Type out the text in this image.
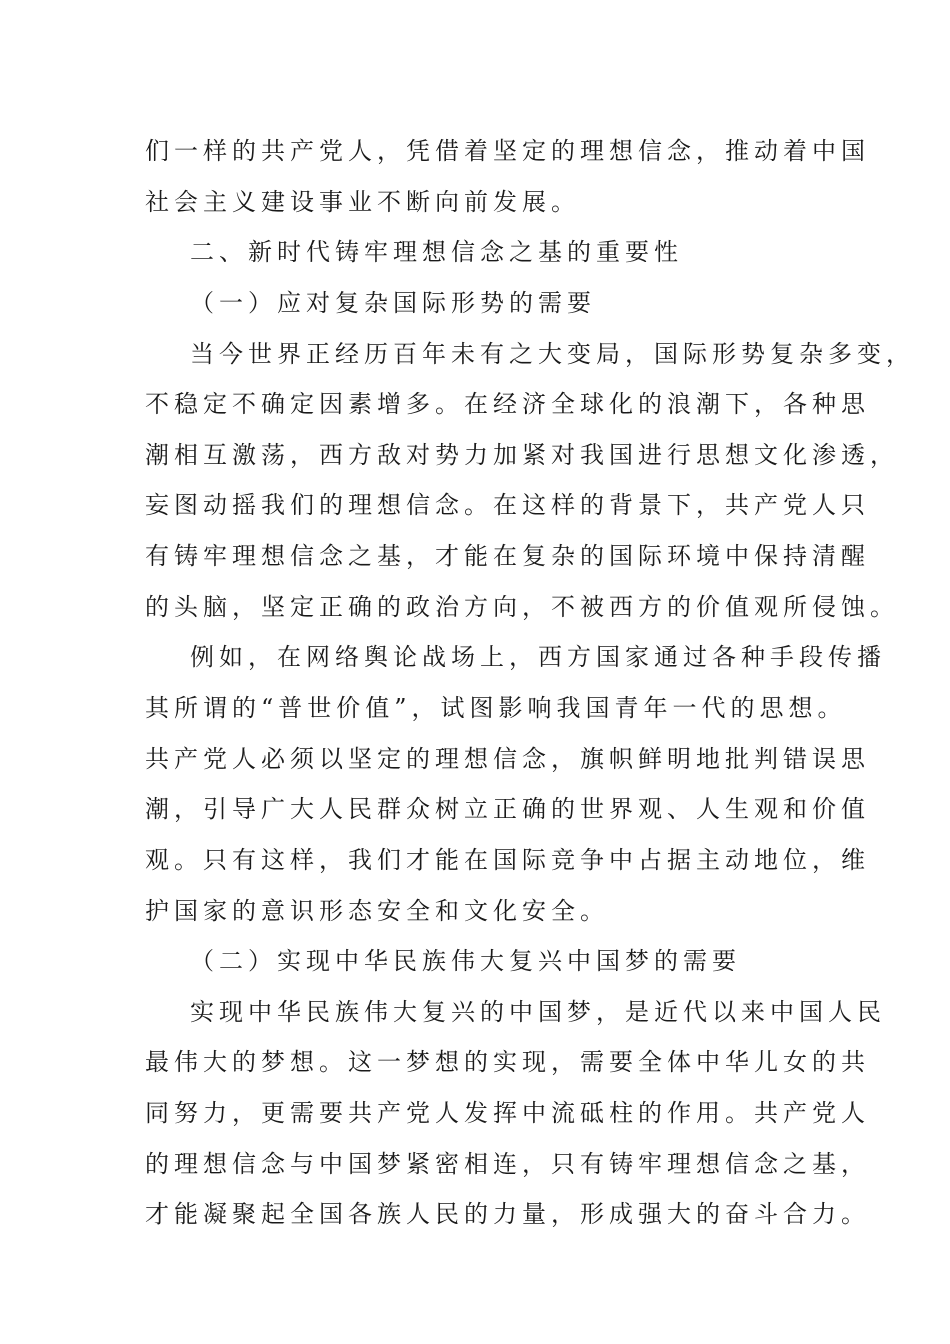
们一样的共产党人，凭借着坚定的理想信念，推动着中国
社会主义建设事业不断向前发展。
二、新时代铸牢理想信念之基的重要性
（一）应对复杂国际形势的需要
当今世界正经历百年未有之大变局，国际形势复杂多变，
不稳定不确定因素增多。在经济全球化的浪潮下，各种思
潮相互激荡，西方敌对势力加紧对我国进行思想文化渗透，
妄图动摇我们的理想信念。在这样的背景下，共产党人只
有铸牢理想信念之基，才能在复杂的国际环境中保持清醒
的头脑，坚定正确的政治方向，不被西方的价值观所侵蚀。
例如，在网络舆论战场上，西方国家通过各种手段传播
其所谓的“普世价值”，试图影响我国青年一代的思想。
共产党人必须以坚定的理想信念，旗帜鲜明地批判错误思
潮，引导广大人民群众树立正确的世界观、人生观和价值
观。只有这样，我们才能在国际竞争中占据主动地位，维
护国家的意识形态安全和文化安全。
（二）实现中华民族伟大复兴中国梦的需要
实现中华民族伟大复兴的中国梦，是近代以来中国人民
最伟大的梦想。这一梦想的实现，需要全体中华儿女的共
同努力，更需要共产党人发挥中流砥柱的作用。共产党人
的理想信念与中国梦紧密相连，只有铸牢理想信念之基，
才能凝聚起全国各族人民的力量，形成强大的奋斗合力。
